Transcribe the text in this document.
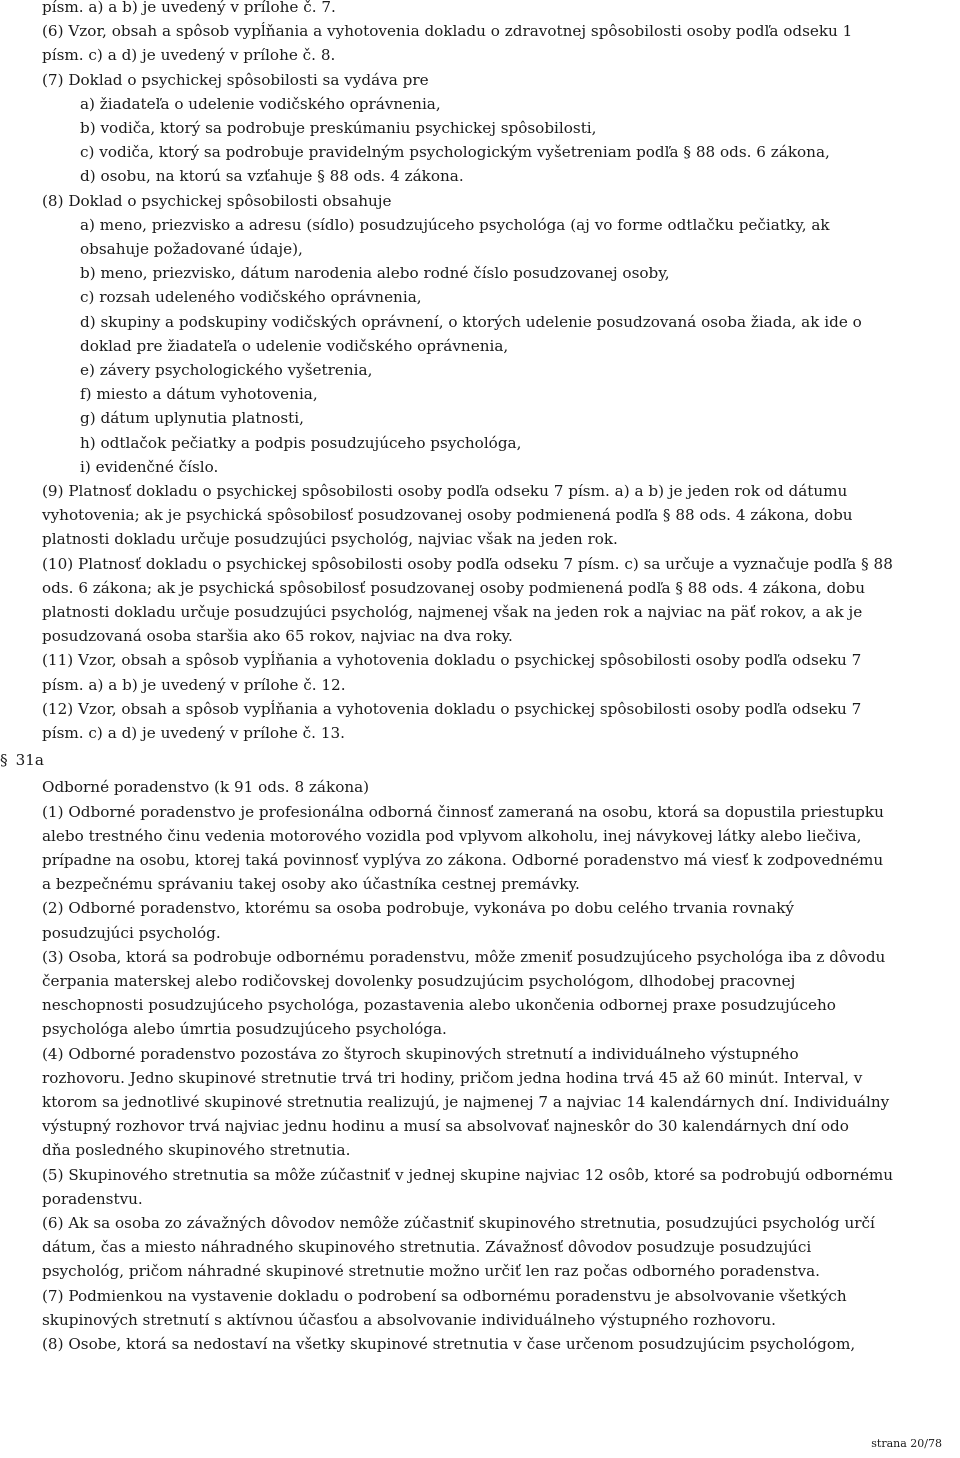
písm. a) a b) je uvedený v prílohe č. 7.

(6) Vzor, obsah a spôsob vypĺňania a vyhotovenia dokladu o zdravotnej spôsobilosti osoby podľa odseku 1

písm. c) a d) je uvedený v prílohe č. 8.

(7) Doklad o psychickej spôsobilosti sa vydáva pre

a) žiadateľa o udelenie vodičského oprávnenia,

b) vodiča, ktorý sa podrobuje preskúmaniu psychickej spôsobilosti,

c) vodiča, ktorý sa podrobuje pravidelným psychologickým vyšetreniam podľa § 88 ods. 6 zákona,

d) osobu, na ktorú sa vzťahuje § 88 ods. 4 zákona.

(8) Doklad o psychickej spôsobilosti obsahuje

a) meno, priezvisko a adresu (sídlo) posudzujúceho psychológa (aj vo forme odtlačku pečiatky, ak

obsahuje požadované údaje),

b) meno, priezvisko, dátum narodenia alebo rodné číslo posudzovanej osoby,

c) rozsah udeleného vodičského oprávnenia,

d) skupiny a podskupiny vodičských oprávnení, o ktorých udelenie posudzovaná osoba žiada, ak ide o

doklad pre žiadateľa o udelenie vodičského oprávnenia,

e) závery psychologického vyšetrenia,

f) miesto a dátum vyhotovenia,

g) dátum uplynutia platnosti,

h) odtlačok pečiatky a podpis posudzujúceho psychológa,

i) evidenčné číslo.

(9) Platnosť dokladu o psychickej spôsobilosti osoby podľa odseku 7 písm. a) a b) je jeden rok od dátumu

vyhotovenia; ak je psychická spôsobilosť posudzovanej osoby podmienená podľa § 88 ods. 4 zákona, dobu

platnosti dokladu určuje posudzujúci psychológ, najviac však na jeden rok.

(10) Platnosť dokladu o psychickej spôsobilosti osoby podľa odseku 7 písm. c) sa určuje a vyznačuje podľa § 88

ods. 6 zákona; ak je psychická spôsobilosť posudzovanej osoby podmienená podľa § 88 ods. 4 zákona, dobu

platnosti dokladu určuje posudzujúci psychológ, najmenej však na jeden rok a najviac na päť rokov, a ak je

posudzovaná osoba staršia ako 65 rokov, najviac na dva roky.

(11) Vzor, obsah a spôsob vypĺňania a vyhotovenia dokladu o psychickej spôsobilosti osoby podľa odseku 7

písm. a) a b) je uvedený v prílohe č. 12.

(12) Vzor, obsah a spôsob vypĺňania a vyhotovenia dokladu o psychickej spôsobilosti osoby podľa odseku 7

písm. c) a d) je uvedený v prílohe č. 13.

§ 31a

Odborné poradenstvo (k 91 ods. 8 zákona)

(1) Odborné poradenstvo je profesionálna odborná činnosť zameraná na osobu, ktorá sa dopustila priestupku

alebo trestného činu vedenia motorového vozidla pod vplyvom alkoholu, inej návykovej látky alebo liečiva,

prípadne na osobu, ktorej taká povinnosť vyplýva zo zákona. Odborné poradenstvo má viesť k zodpovednému

a bezpečnému správaniu takej osoby ako účastníka cestnej premávky.

(2) Odborné poradenstvo, ktorému sa osoba podrobuje, vykonáva po dobu celého trvania rovnaký

posudzujúci psychológ.

(3) Osoba, ktorá sa podrobuje odbornému poradenstvu, môže zmeniť posudzujúceho psychológa iba z dôvodu

čerpania materskej alebo rodičovskej dovolenky posudzujúcim psychológom, dlhodobej pracovnej

neschopnosti posudzujúceho psychológa, pozastavenia alebo ukončenia odbornej praxe posudzujúceho

psychológa alebo úmrtia posudzujúceho psychológa.

(4) Odborné poradenstvo pozostáva zo štyroch skupinových stretnutí a individuálneho výstupného

rozhovoru. Jedno skupinové stretnutie trvá tri hodiny, pričom jedna hodina trvá 45 až 60 minút. Interval, v

ktorom sa jednotlivé skupinové stretnutia realizujú, je najmenej 7 a najviac 14 kalendárnych dní. Individuálny

výstupný rozhovor trvá najviac jednu hodinu a musí sa absolvovať najneskôr do 30 kalendárnych dní odo

dňa posledného skupinového stretnutia.

(5) Skupinového stretnutia sa môže zúčastniť v jednej skupine najviac 12 osôb, ktoré sa podrobujú odbornému

poradenstvu.

(6) Ak sa osoba zo závažných dôvodov nemôže zúčastniť skupinového stretnutia, posudzujúci psychológ určí

dátum, čas a miesto náhradného skupinového stretnutia. Závažnosť dôvodov posudzuje posudzujúci

psychológ, pričom náhradné skupinové stretnutie možno určiť len raz počas odborného poradenstva.

(7) Podmienkou na vystavenie dokladu o podrobení sa odbornému poradenstvu je absolvovanie všetkých

skupinových stretnutí s aktívnou účasťou a absolvovanie individuálneho výstupného rozhovoru.

(8) Osobe, ktorá sa nedostaví na všetky skupinové stretnutia v čase určenom posudzujúcim psychológom,

strana 20/78
